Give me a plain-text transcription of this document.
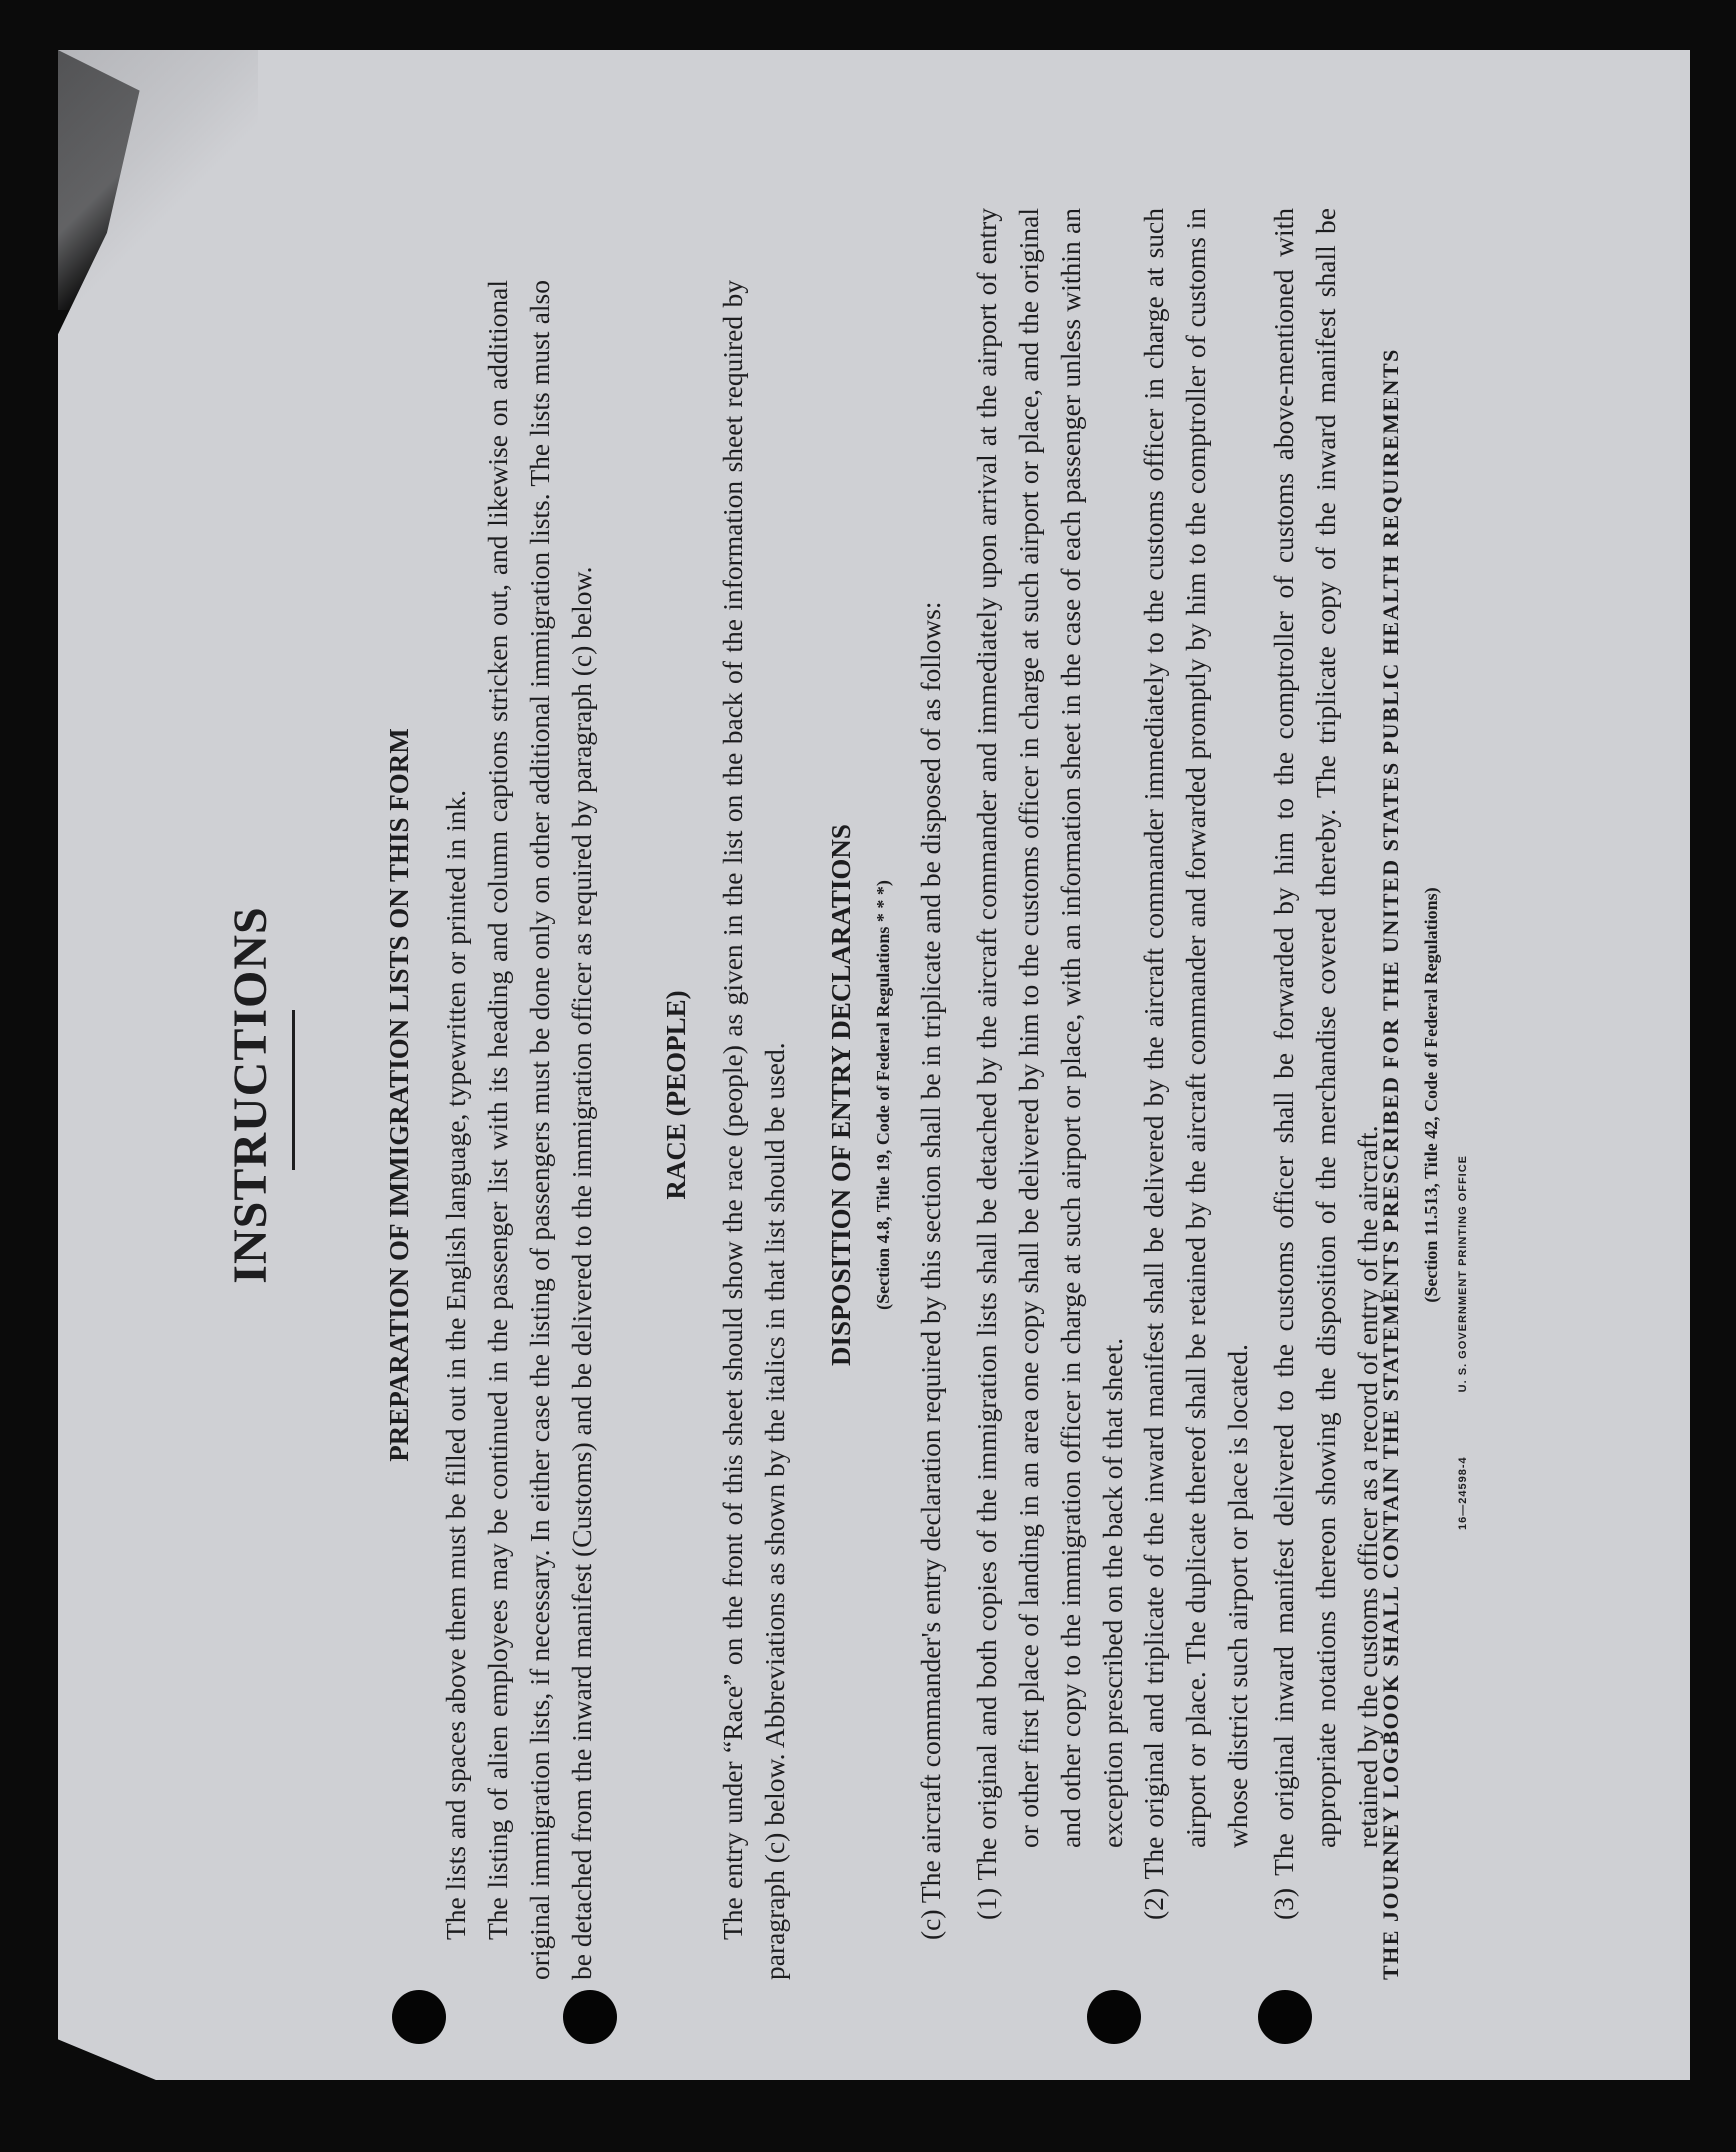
INSTRUCTIONS	PREPARATION OF IMMIGRATION LISTS ON THIS FORM The lists and spaces above them must be filled out in the English language, typewritten or printed in ink. The listing of alien employees may be continued in the passenger list with its heading and column captions stricken out, and likewise on additional original immigration lists, if necessary. In either case the listing of passengers must be done only on other additional immigration lists. The lists must also be detached from the inward manifest (Customs) and be delivered to the immigration officer as required by paragraph (c) below. RACE (PEOPLE) The entry under “Race” on the front of this sheet should show the race (people) as given in the list on the back of the information sheet required by paragraph (c) below. Abbreviations as shown by the italics in that list should be used. DISPOSITION OF ENTRY DECLARATIONS (Section 4.8, Title 19, Code of Federal Regulations * * *) (c) The aircraft commander's entry declaration required by this section shall be in triplicate and be disposed of as follows: (1) The original and both copies of the immigration lists shall be detached by the aircraft commander and immediately upon arrival at the airport of entry or other first place of landing in an area one copy shall be delivered by him to the customs officer in charge at such airport or place, and the original and other copy to the immigration officer in charge at such airport or place, with an information sheet in the case of each passenger unless within an exception prescribed on the back of that sheet. (2) The original and triplicate of the inward manifest shall be delivered by the aircraft commander immediately to the customs officer in charge at such airport or place. The duplicate thereof shall be retained by the aircraft commander and forwarded promptly by him to the comptroller of customs in whose district such airport or place is located. (3) The original inward manifest delivered to the customs officer shall be forwarded by him to the comptroller of customs above-mentioned with appropriate notations thereon showing the disposition of the merchandise covered thereby. The triplicate copy of the inward manifest shall be retained by the customs officer as a record of entry of the aircraft.
THE JOURNEY LOGBOOK SHALL CONTAIN THE STATEMENTS PRESCRIBED FOR THE UNITED STATES PUBLIC HEALTH REQUIREMENTS	(Section 11.513, Title 42, Code of Federal Regulations)
16—24598-4 U. S. GOVERNMENT PRINTING OFFICE
